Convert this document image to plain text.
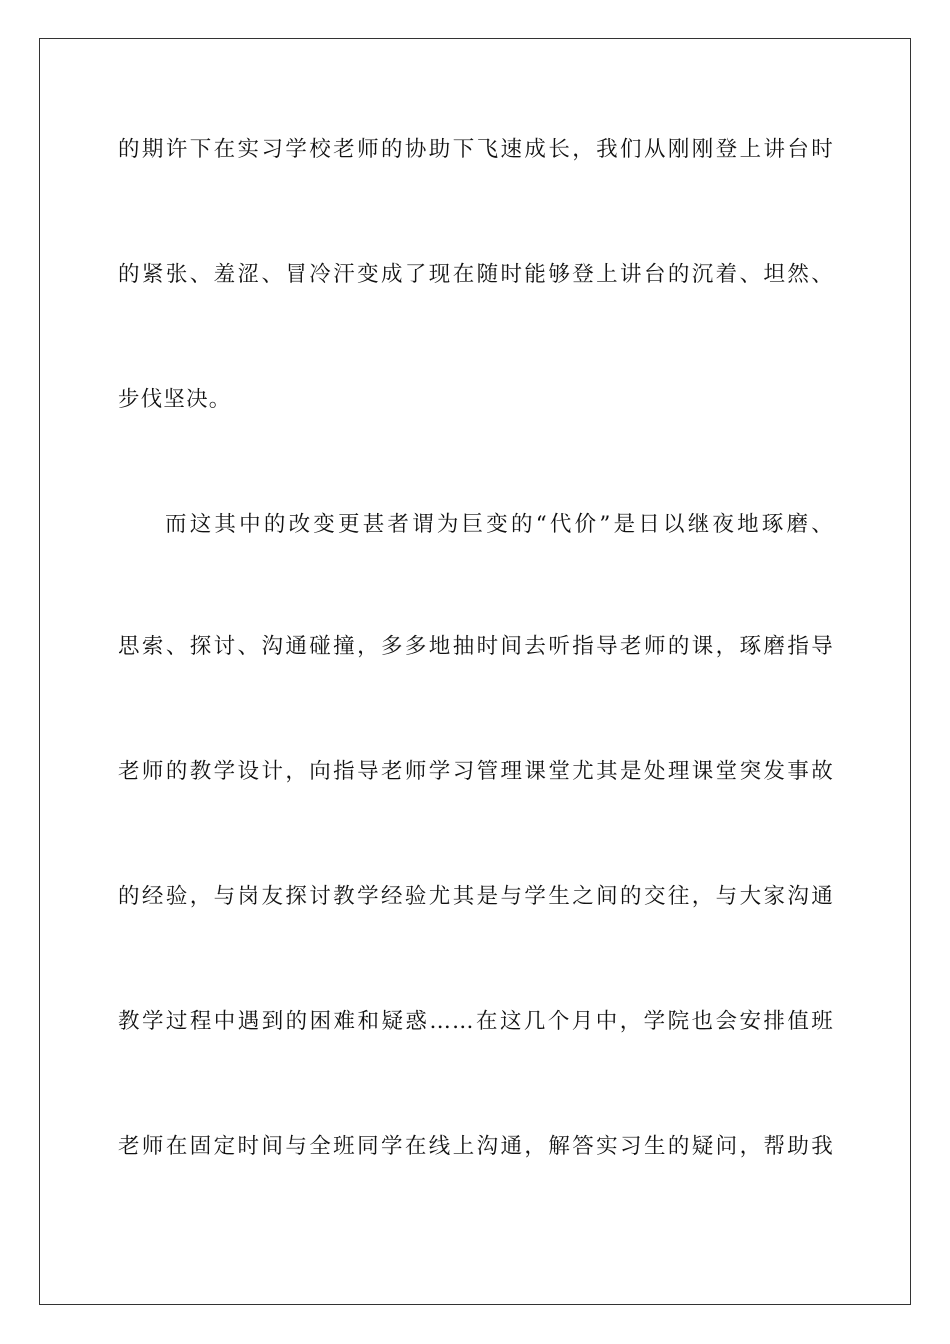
的期许下在实习学校老师的协助下飞速成长，我们从刚刚登上讲台时
的紧张、羞涩、冒冷汗变成了现在随时能够登上讲台的沉着、坦然、
步伐坚决。
而这其中的改变更甚者谓为巨变的“代价”是日以继夜地琢磨、
思索、探讨、沟通碰撞，多多地抽时间去听指导老师的课，琢磨指导
老师的教学设计，向指导老师学习管理课堂尤其是处理课堂突发事故
的经验，与岗友探讨教学经验尤其是与学生之间的交往，与大家沟通
教学过程中遇到的困难和疑惑……在这几个月中，学院也会安排值班
老师在固定时间与全班同学在线上沟通，解答实习生的疑问，帮助我
